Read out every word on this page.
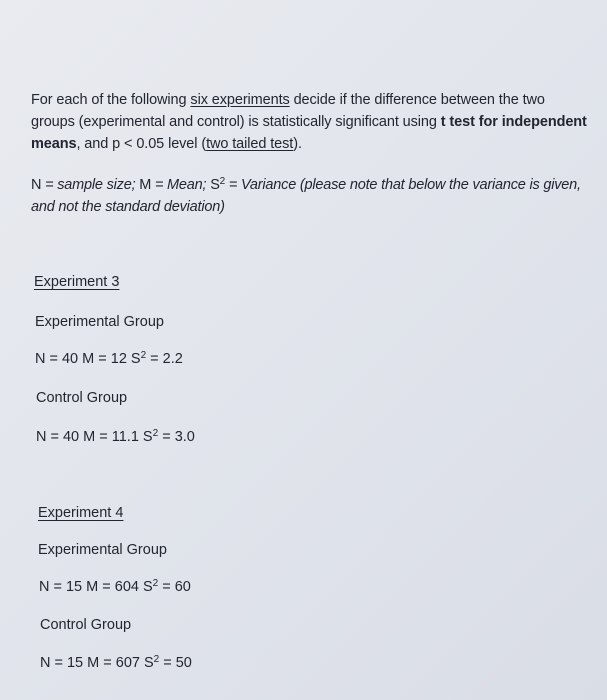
For each of the following six experiments decide if the difference between the two groups (experimental and control) is statistically significant using t test for independent means, and p < 0.05 level (two tailed test).

N = sample size; M = Mean; $S^2$ = Variance (please note that below the variance is given, and not the standard deviation)
Experiment 3
Experimental Group
N = 40 M = 12 $S^2 = 2.2$
Control Group
N = 40 M = 11.1 $S^2 = 3.0$
Experiment 4
Experimental Group
N = 15 M = 604 $S^2 = 60$
Control Group
N = 15 M = 607 $S^2 = 50$
